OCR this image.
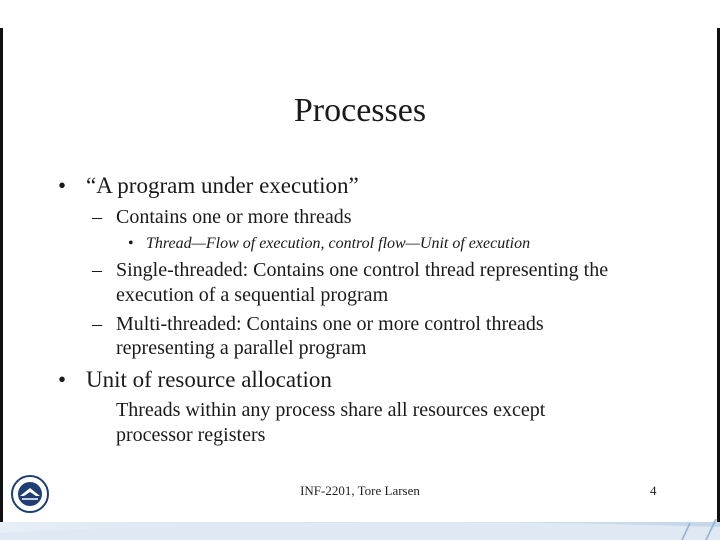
Processes
• “A program under execution”
– Contains one or more threads
• Thread—Flow of execution, control flow—Unit of execution
– Single-threaded: Contains one control thread representing the
execution of a sequential program
– Multi-threaded: Contains one or more control threads
representing a parallel program
• Unit of resource allocation
Threads within any process share all resources except
processor registers
INF-2201, Tore Larsen	4
